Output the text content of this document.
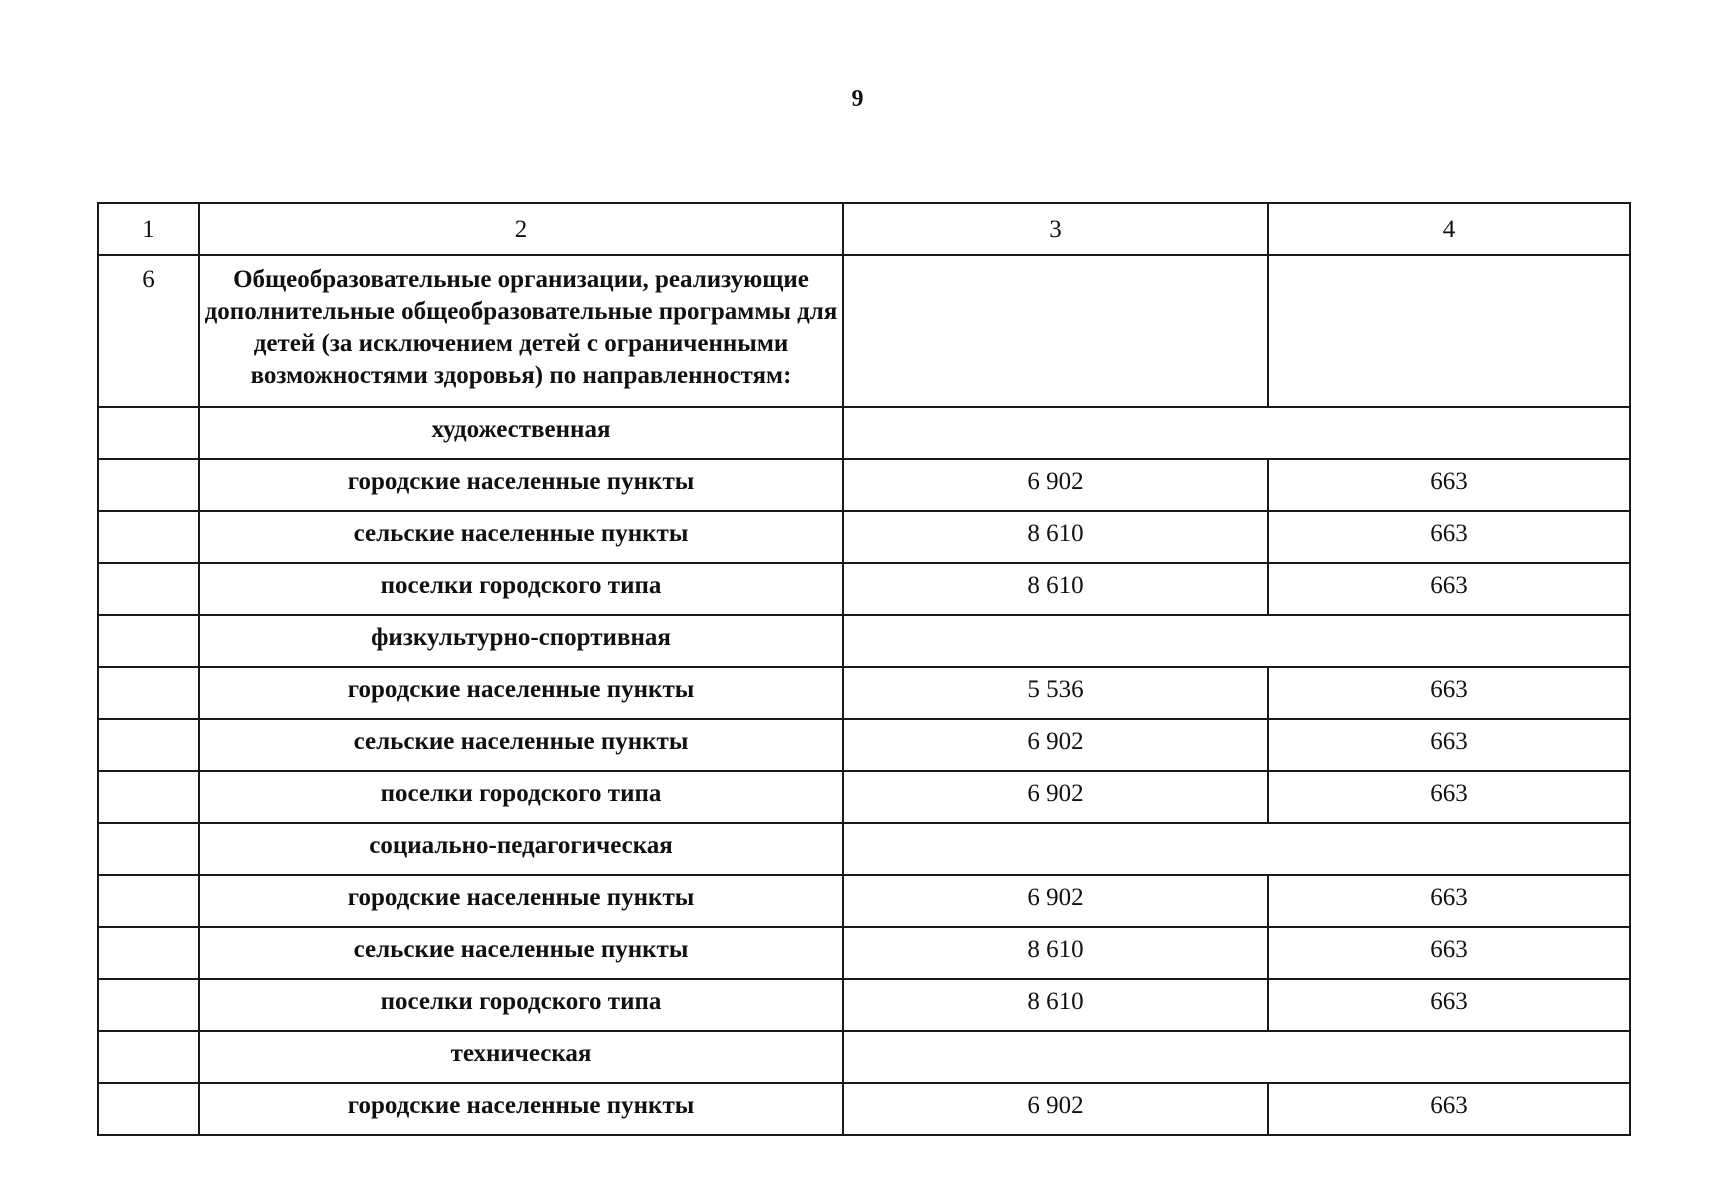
9
1	2	3	4
6	Общеобразовательные организации, реализующие дополнительные общеобразовательные программы для детей (за исключением детей с ограниченными возможностями здоровья) по направленностям:		
	художественная		
	городские населенные пункты	6 902	663
	сельские населенные пункты	8 610	663
	поселки городского типа	8 610	663
	физкультурно-спортивная		
	городские населенные пункты	5 536	663
	сельские населенные пункты	6 902	663
	поселки городского типа	6 902	663
	социально-педагогическая		
	городские населенные пункты	6 902	663
	сельские населенные пункты	8 610	663
	поселки городского типа	8 610	663
	техническая		
	городские населенные пункты	6 902	663
